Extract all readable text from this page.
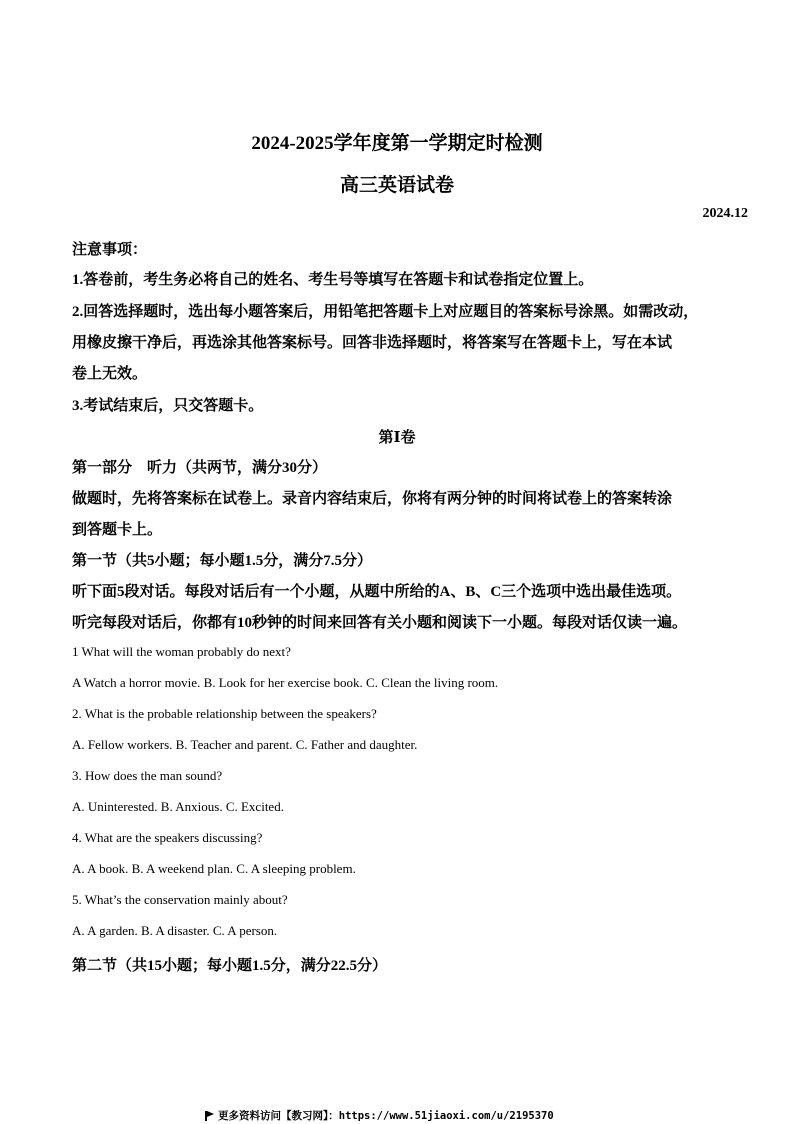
2024-2025学年度第一学期定时检测
高三英语试卷
2024.12
注意事项：
1.答卷前，考生务必将自己的姓名、考生号等填写在答题卡和试卷指定位置上。
2.回答选择题时，选出每小题答案后，用铅笔把答题卡上对应题目的答案标号涂黑。如需改动，
用橡皮擦干净后，再选涂其他答案标号。回答非选择题时，将答案写在答题卡上，写在本试
卷上无效。
3.考试结束后，只交答题卡。
第Ⅰ卷
第一部分　听力（共两节，满分30分）
做题时，先将答案标在试卷上。录音内容结束后，你将有两分钟的时间将试卷上的答案转涂
到答题卡上。
第一节（共5小题；每小题1.5分，满分7.5分）
听下面5段对话。每段对话后有一个小题，从题中所给的A、B、C三个选项中选出最佳选项。
听完每段对话后，你都有10秒钟的时间来回答有关小题和阅读下一小题。每段对话仅读一遍。
1 What will the woman probably do next?
A Watch a horror movie. B. Look for her exercise book. C. Clean the living room.
2. What is the probable relationship between the speakers?
A. Fellow workers. B. Teacher and parent. C. Father and daughter.
3. How does the man sound?
A. Uninterested. B. Anxious. C. Excited.
4. What are the speakers discussing?
A. A book. B. A weekend plan. C. A sleeping problem.
5. What’s the conservation mainly about?
A. A garden. B. A disaster. C. A person.
第二节（共15小题；每小题1.5分，满分22.5分）
更多资料访问【教习网】：https://www.51jiaoxi.com/u/2195370
